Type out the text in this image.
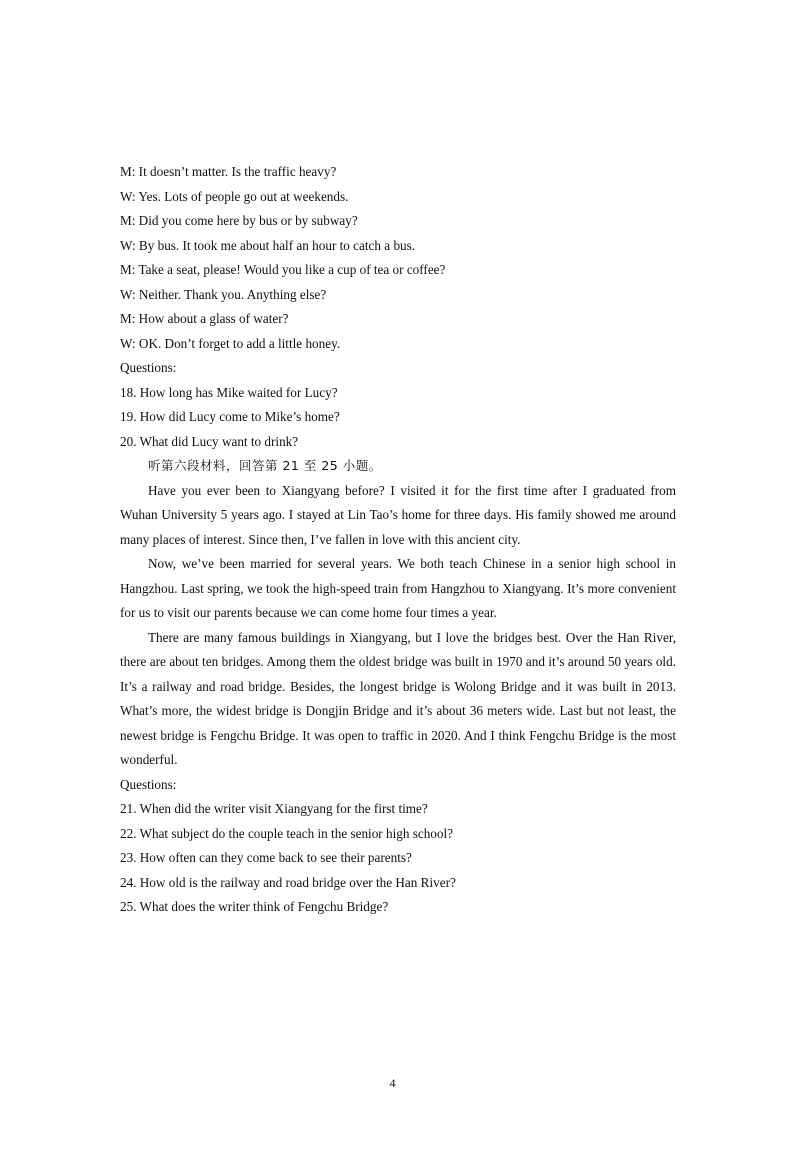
M: It doesn’t matter. Is the traffic heavy?
W: Yes. Lots of people go out at weekends.
M: Did you come here by bus or by subway?
W: By bus. It took me about half an hour to catch a bus.
M: Take a seat, please! Would you like a cup of tea or coffee?
W: Neither. Thank you. Anything else?
M: How about a glass of water?
W: OK. Don’t forget to add a little honey.
Questions:
18. How long has Mike waited for Lucy?
19. How did Lucy come to Mike’s home?
20. What did Lucy want to drink?
听第六段材料，回答第 21 至 25 小题。

Have you ever been to Xiangyang before? I visited it for the first time after I graduated from Wuhan University 5 years ago. I stayed at Lin Tao’s home for three days. His family showed me around many places of interest. Since then, I’ve fallen in love with this ancient city.

Now, we’ve been married for several years. We both teach Chinese in a senior high school in Hangzhou. Last spring, we took the high-speed train from Hangzhou to Xiangyang. It’s more convenient for us to visit our parents because we can come home four times a year.

There are many famous buildings in Xiangyang, but I love the bridges best. Over the Han River, there are about ten bridges. Among them the oldest bridge was built in 1970 and it’s around 50 years old. It’s a railway and road bridge. Besides, the longest bridge is Wolong Bridge and it was built in 2013. What’s more, the widest bridge is Dongjin Bridge and it’s about 36 meters wide. Last but not least, the newest bridge is Fengchu Bridge. It was open to traffic in 2020. And I think Fengchu Bridge is the most wonderful.

Questions:
21. When did the writer visit Xiangyang for the first time?
22. What subject do the couple teach in the senior high school?
23. How often can they come back to see their parents?
24. How old is the railway and road bridge over the Han River?
25. What does the writer think of Fengchu Bridge?
4
